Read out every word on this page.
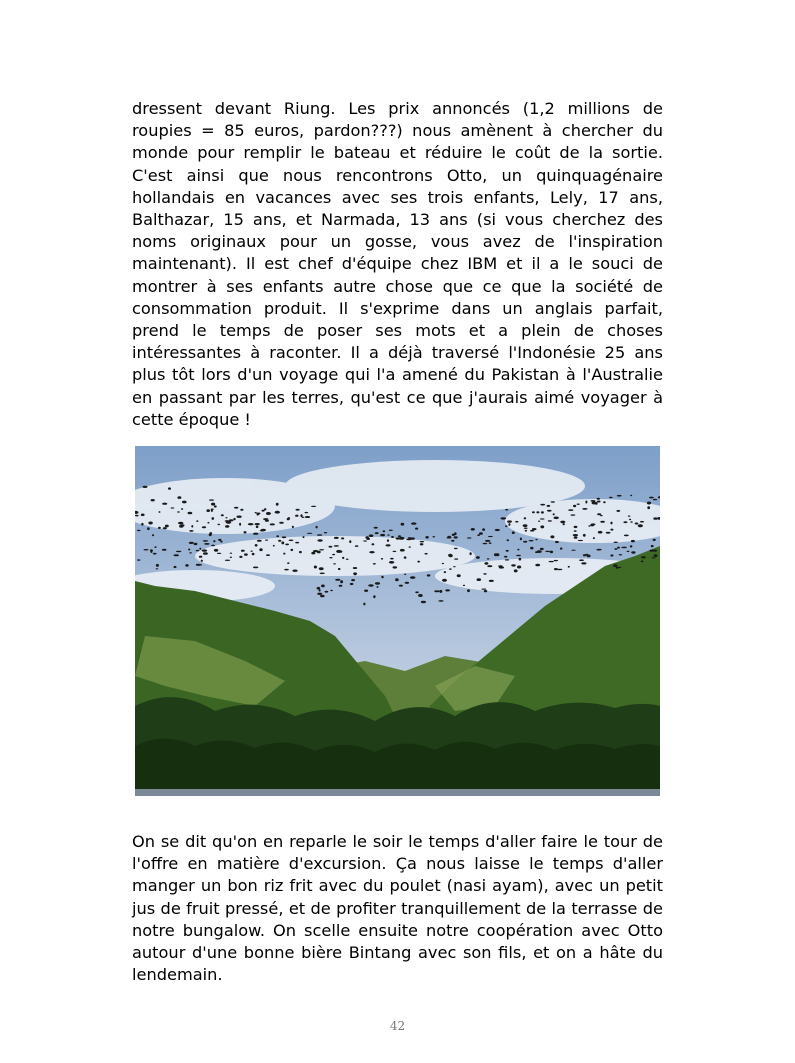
dressent devant Riung. Les prix annoncés (1,2 millions de roupies = 85 euros, pardon???) nous amènent à chercher du monde pour remplir le bateau et réduire le coût de la sortie. C'est ainsi que nous rencontrons Otto, un quinquagénaire hollandais en vacances avec ses trois enfants, Lely, 17 ans, Balthazar, 15 ans, et Narmada, 13 ans (si vous cherchez des noms originaux pour un gosse, vous avez de l'inspiration maintenant). Il est chef d'équipe chez IBM et il a le souci de montrer à ses enfants autre chose que ce que la société de consommation produit. Il s'exprime dans un anglais parfait, prend le temps de poser ses mots et a plein de choses intéressantes à raconter. Il a déjà traversé l'Indonésie 25 ans plus tôt lors d'un voyage qui l'a amené du Pakistan à l'Australie en passant par les terres, qu'est ce que j'aurais aimé voyager à cette époque !

On se dit qu'on en reparle le soir le temps d'aller faire le tour de l'offre en matière d'excursion. Ça nous laisse le temps d'aller manger un bon riz frit avec du poulet (nasi ayam), avec un petit jus de fruit pressé, et de profiter tranquillement de la terrasse de notre bungalow. On scelle ensuite notre coopération avec Otto autour d'une bonne bière Bintang avec son fils, et on a hâte du lendemain.

42
